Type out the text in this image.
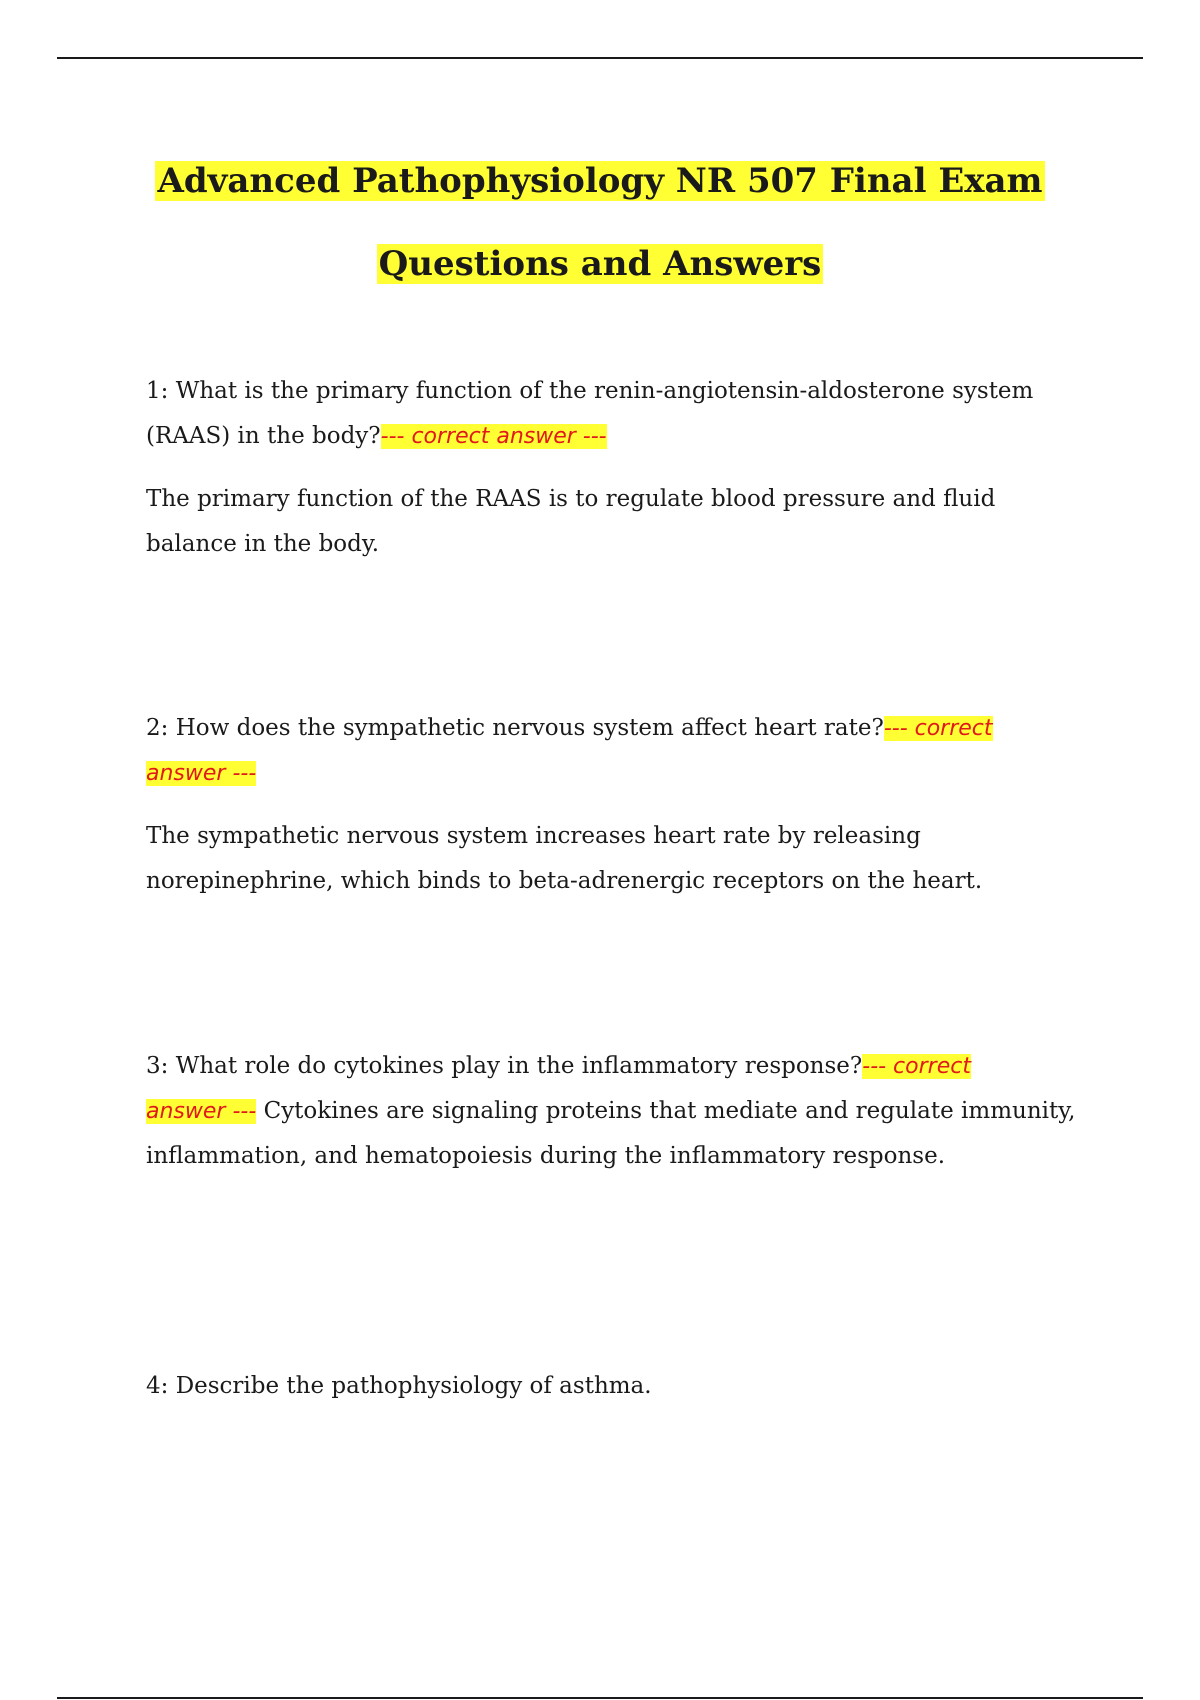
Advanced Pathophysiology NR 507 Final Exam
Questions and Answers

1: What is the primary function of the renin-angiotensin-aldosterone system (RAAS) in the body?--- correct answer ---

The primary function of the RAAS is to regulate blood pressure and fluid balance in the body.

2: How does the sympathetic nervous system affect heart rate?--- correct
answer ---

The sympathetic nervous system increases heart rate by releasing norepinephrine, which binds to beta-adrenergic receptors on the heart.

3: What role do cytokines play in the inflammatory response?--- correct
answer --- Cytokines are signaling proteins that mediate and regulate immunity, inflammation, and hematopoiesis during the inflammatory response.

4: Describe the pathophysiology of asthma.
